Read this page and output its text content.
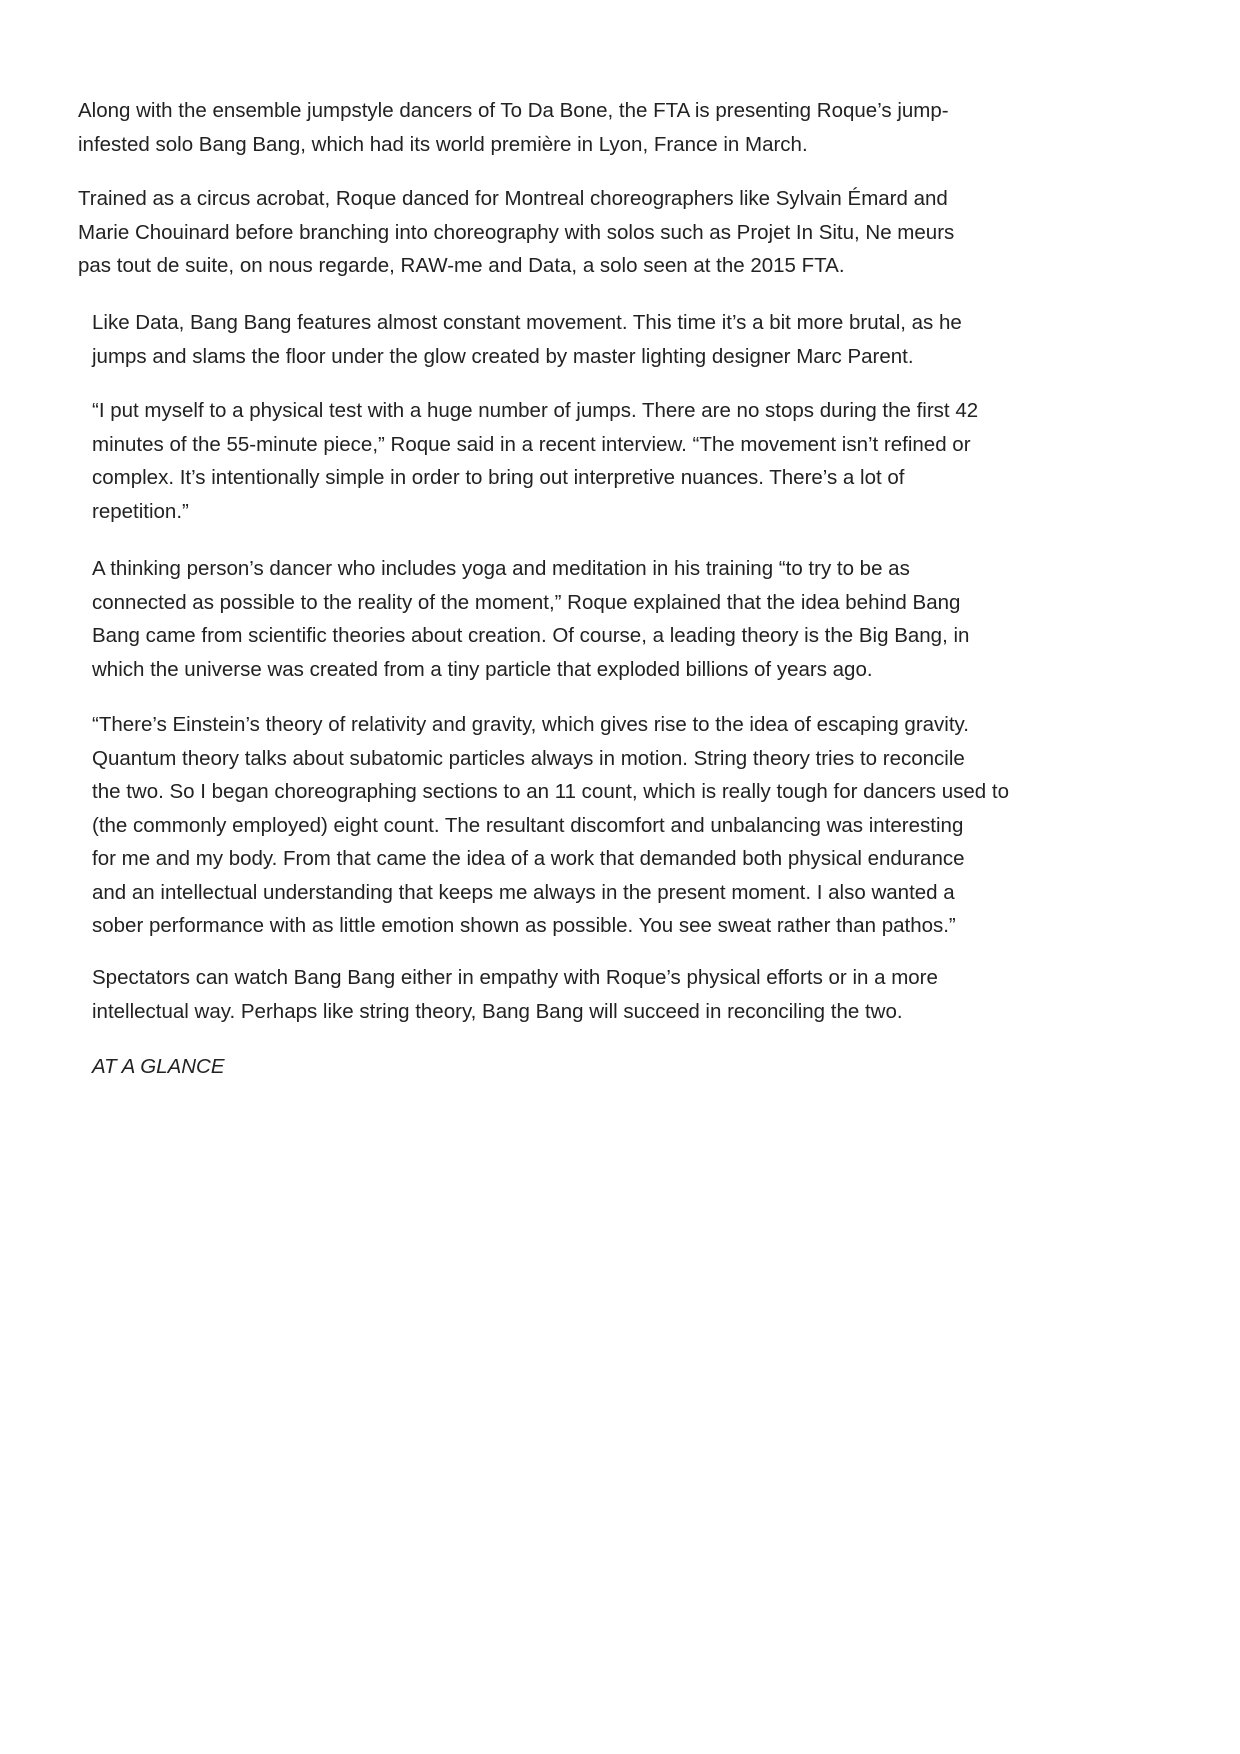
Along with the ensemble jumpstyle dancers of To Da Bone, the FTA is presenting Roque’s jump-
infested solo Bang Bang, which had its world première in Lyon, France in March.

Trained as a circus acrobat, Roque danced for Montreal choreographers like Sylvain Émard and
Marie Chouinard before branching into choreography with solos such as Projet In Situ, Ne meurs
pas tout de suite, on nous regarde, RAW-me and Data, a solo seen at the 2015 FTA.

Like Data, Bang Bang features almost constant movement. This time it’s a bit more brutal, as he
jumps and slams the floor under the glow created by master lighting designer Marc Parent.

“I put myself to a physical test with a huge number of jumps. There are no stops during the first 42
minutes of the 55-minute piece,” Roque said in a recent interview. “The movement isn’t refined or
complex. It’s intentionally simple in order to bring out interpretive nuances. There’s a lot of
repetition.”

A thinking person’s dancer who includes yoga and meditation in his training “to try to be as
connected as possible to the reality of the moment,” Roque explained that the idea behind Bang
Bang came from scientific theories about creation. Of course, a leading theory is the Big Bang, in
which the universe was created from a tiny particle that exploded billions of years ago.

“There’s Einstein’s theory of relativity and gravity, which gives rise to the idea of escaping gravity.
Quantum theory talks about subatomic particles always in motion. String theory tries to reconcile
the two. So I began choreographing sections to an 11 count, which is really tough for dancers used to
(the commonly employed) eight count. The resultant discomfort and unbalancing was interesting
for me and my body. From that came the idea of a work that demanded both physical endurance
and an intellectual understanding that keeps me always in the present moment. I also wanted a
sober performance with as little emotion shown as possible. You see sweat rather than pathos.”

Spectators can watch Bang Bang either in empathy with Roque’s physical efforts or in a more
intellectual way. Perhaps like string theory, Bang Bang will succeed in reconciling the two.

AT A GLANCE
